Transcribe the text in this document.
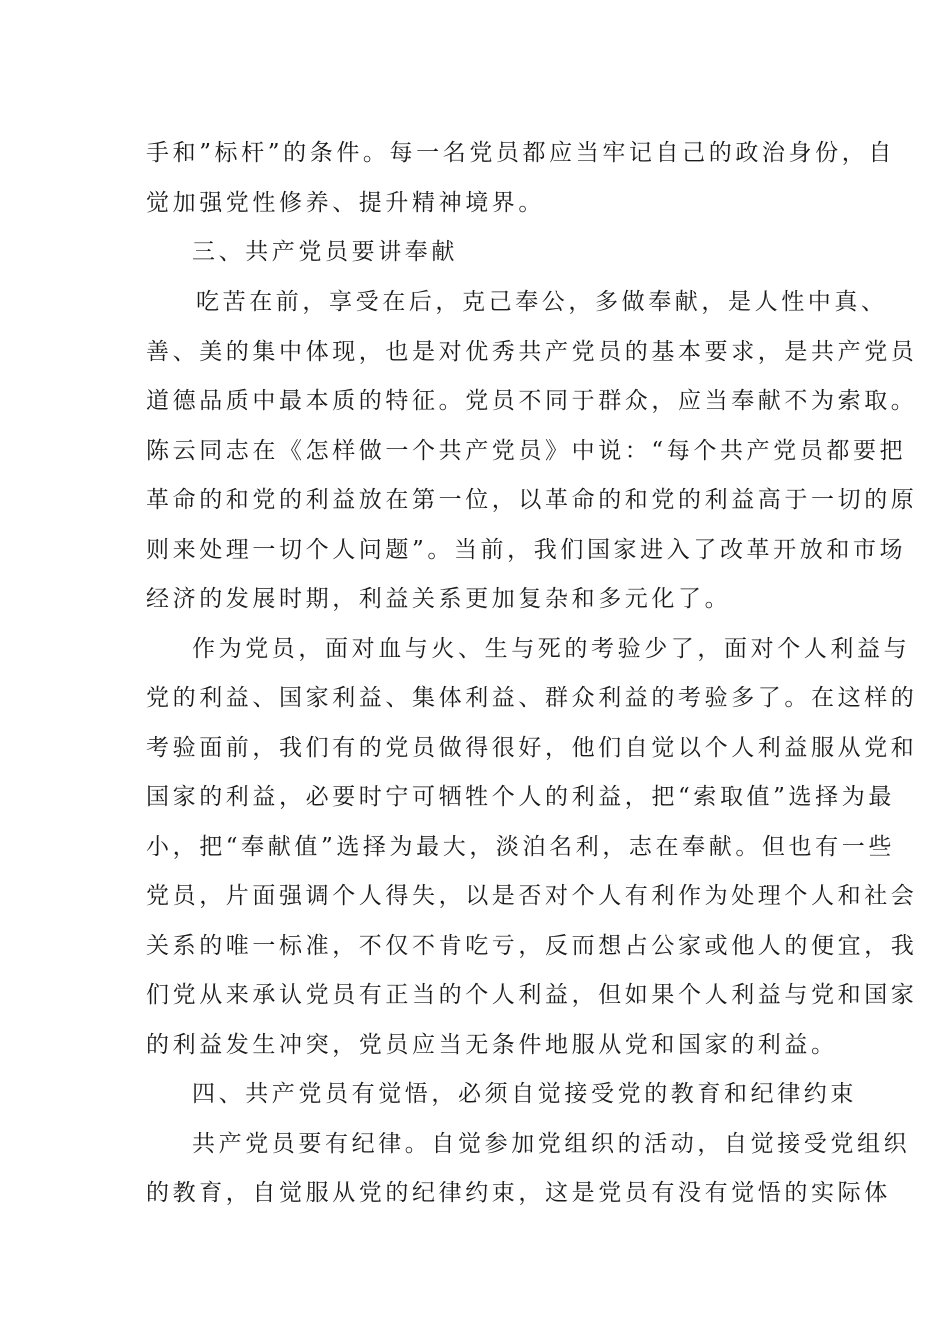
手和”标杆”的条件。每一名党员都应当牢记自己的政治身份，自
觉加强党性修养、提升精神境界。
三、共产党员要讲奉献
吃苦在前，享受在后，克己奉公，多做奉献，是人性中真、
善、美的集中体现，也是对优秀共产党员的基本要求，是共产党员
道德品质中最本质的特征。党员不同于群众，应当奉献不为索取。
陈云同志在《怎样做一个共产党员》中说：“每个共产党员都要把
革命的和党的利益放在第一位，以革命的和党的利益高于一切的原
则来处理一切个人问题”。当前，我们国家进入了改革开放和市场
经济的发展时期，利益关系更加复杂和多元化了。
作为党员，面对血与火、生与死的考验少了，面对个人利益与
党的利益、国家利益、集体利益、群众利益的考验多了。在这样的
考验面前，我们有的党员做得很好，他们自觉以个人利益服从党和
国家的利益，必要时宁可牺牲个人的利益，把“索取值”选择为最
小，把“奉献值”选择为最大，淡泊名利，志在奉献。但也有一些
党员，片面强调个人得失，以是否对个人有利作为处理个人和社会
关系的唯一标准，不仅不肯吃亏，反而想占公家或他人的便宜，我
们党从来承认党员有正当的个人利益，但如果个人利益与党和国家
的利益发生冲突，党员应当无条件地服从党和国家的利益。
四、共产党员有觉悟，必须自觉接受党的教育和纪律约束
共产党员要有纪律。自觉参加党组织的活动，自觉接受党组织
的教育，自觉服从党的纪律约束，这是党员有没有觉悟的实际体
